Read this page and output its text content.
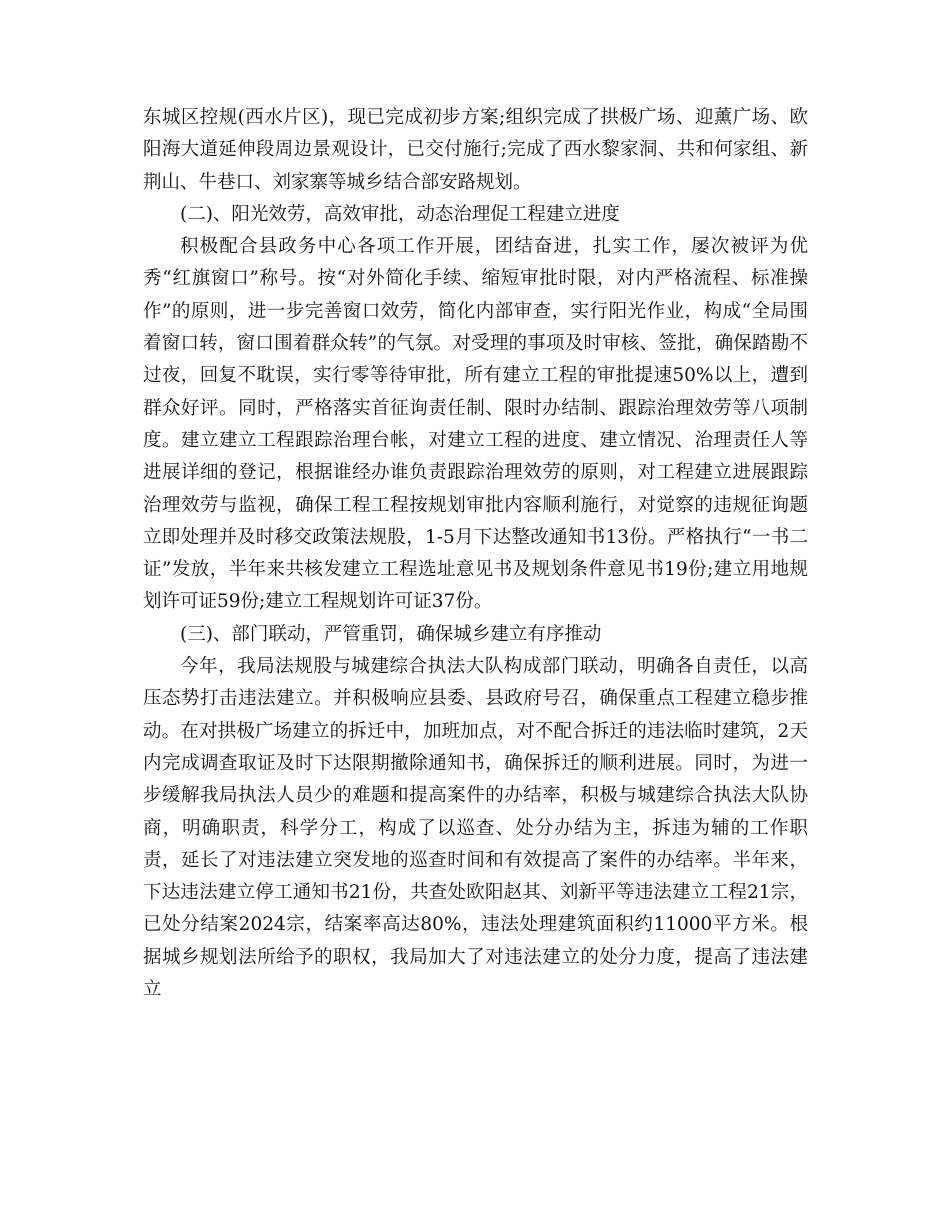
东城区控规(西水片区)，现已完成初步方案;组织完成了拱极广场、迎薰广场、欧阳海大道延伸段周边景观设计，已交付施行;完成了西水黎家洞、共和何家组、新荆山、牛巷口、刘家寨等城乡结合部安路规划。

(二)、阳光效劳，高效审批，动态治理促工程建立进度

积极配合县政务中心各项工作开展，团结奋进，扎实工作，屡次被评为优秀“红旗窗口”称号。按“对外简化手续、缩短审批时限，对内严格流程、标准操作”的原则，进一步完善窗口效劳，简化内部审查，实行阳光作业，构成“全局围着窗口转，窗口围着群众转”的气氛。对受理的事项及时审核、签批，确保踏勘不过夜，回复不耽误，实行零等待审批，所有建立工程的审批提速50%以上，遭到群众好评。同时，严格落实首征询责任制、限时办结制、跟踪治理效劳等八项制度。建立建立工程跟踪治理台帐，对建立工程的进度、建立情况、治理责任人等进展详细的登记，根据谁经办谁负责跟踪治理效劳的原则，对工程建立进展跟踪治理效劳与监视，确保工程工程按规划审批内容顺利施行，对觉察的违规征询题立即处理并及时移交政策法规股，1-5月下达整改通知书13份。严格执行“一书二证”发放，半年来共核发建立工程选址意见书及规划条件意见书19份;建立用地规划许可证59份;建立工程规划许可证37份。

(三)、部门联动，严管重罚，确保城乡建立有序推动

今年，我局法规股与城建综合执法大队构成部门联动，明确各自责任，以高压态势打击违法建立。并积极响应县委、县政府号召，确保重点工程建立稳步推动。在对拱极广场建立的拆迁中，加班加点，对不配合拆迁的违法临时建筑，2天内完成调查取证及时下达限期撤除通知书，确保拆迁的顺利进展。同时，为进一步缓解我局执法人员少的难题和提高案件的办结率，积极与城建综合执法大队协商，明确职责，科学分工，构成了以巡查、处分办结为主，拆违为辅的工作职责，延长了对违法建立突发地的巡查时间和有效提高了案件的办结率。半年来，下达违法建立停工通知书21份，共查处欧阳赵其、刘新平等违法建立工程21宗，已处分结案2024宗，结案率高达80%，违法处理建筑面积约11000平方米。根据城乡规划法所给予的职权，我局加大了对违法建立的处分力度，提高了违法建立
